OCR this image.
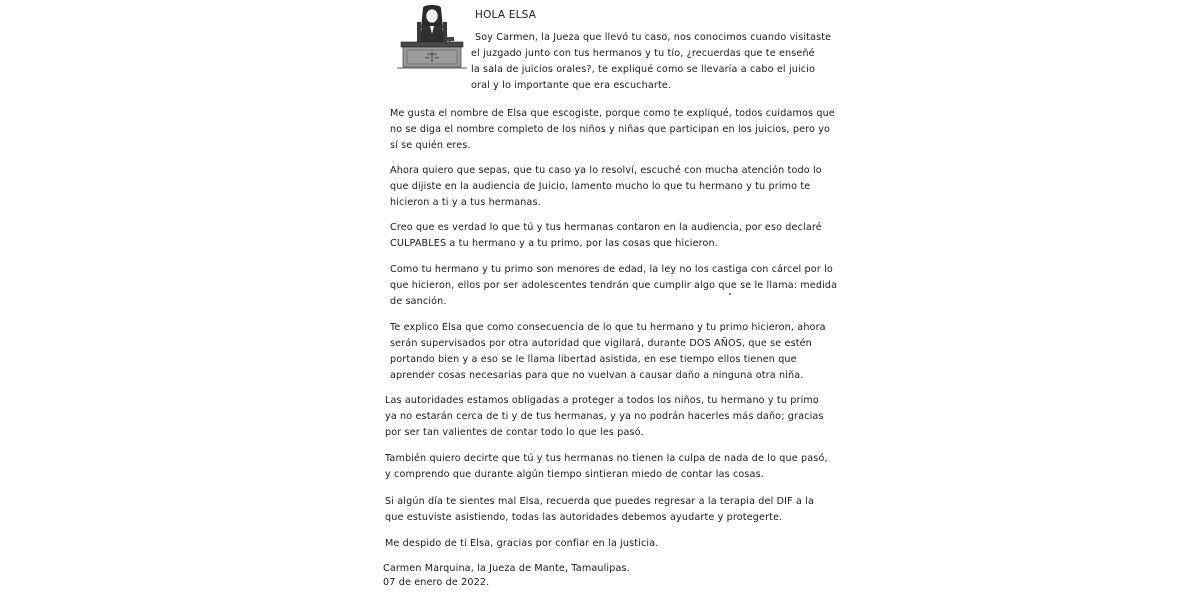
HOLA ELSA

Soy Carmen, la Jueza que llevó tu caso, nos conocimos cuando visitaste
el juzgado junto con tus hermanos y tu tío, ¿recuerdas que te enseñé
la sala de juicios orales?, te expliqué como se llevaría a cabo el juicio
oral y lo importante que era escucharte.

Me gusta el nombre de Elsa que escogiste, porque como te expliqué, todos cuidamos que
no se diga el nombre completo de los niños y niñas que participan en los juicios, pero yo
sí se quién eres.

Ahora quiero que sepas, que tu caso ya lo resolví, escuché con mucha atención todo lo
que dijiste en la audiencia de Juicio, lamento mucho lo que tu hermano y tu primo te
hicieron a ti y a tus hermanas.

Creo que es verdad lo que tú y tus hermanas contaron en la audiencia, por eso declaré
CULPABLES a tu hermano y a tu primo, por las cosas que hicieron.

Como tu hermano y tu primo son menores de edad, la ley no los castiga con cárcel por lo
que hicieron, ellos por ser adolescentes tendrán que cumplir algo que se le llama: medida
de sanción.

Te explico Elsa que como consecuencia de lo que tu hermano y tu primo hicieron, ahora
serán supervisados por otra autoridad que vigilará, durante DOS AÑOS, que se estén
portando bien y a eso se le llama libertad asistida, en ese tiempo ellos tienen que
aprender cosas necesarias para que no vuelvan a causar daño a ninguna otra niña.

Las autoridades estamos obligadas a proteger a todos los niños, tu hermano y tu primo
ya no estarán cerca de ti y de tus hermanas, y ya no podrán hacerles más daño; gracias
por ser tan valientes de contar todo lo que les pasó.

También quiero decirte que tú y tus hermanas no tienen la culpa de nada de lo que pasó,
y comprendo que durante algún tiempo sintieran miedo de contar las cosas.

Si algún día te sientes mal Elsa, recuerda que puedes regresar a la terapia del DIF a la
que estuviste asistiendo, todas las autoridades debemos ayudarte y protegerte.

Me despido de ti Elsa, gracias por confiar en la justicia.

Carmen Marquina, la Jueza de Mante, Tamaulipas.
07 de enero de 2022.
